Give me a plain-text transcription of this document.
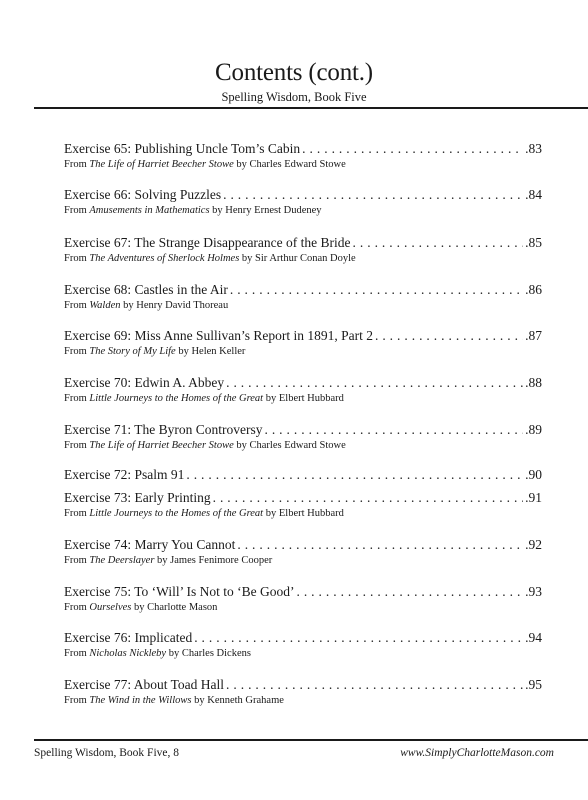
Contents (cont.)
Spelling Wisdom, Book Five
Exercise 65: Publishing Uncle Tom’s Cabin . . .	.83
From The Life of Harriet Beecher Stowe by Charles Edward Stowe
Exercise 66: Solving Puzzles . . .	.84
From Amusements in Mathematics by Henry Ernest Dudeney
Exercise 67: The Strange Disappearance of the Bride . . .	.85
From The Adventures of Sherlock Holmes by Sir Arthur Conan Doyle
Exercise 68: Castles in the Air . . .	.86
From Walden by Henry David Thoreau
Exercise 69: Miss Anne Sullivan’s Report in 1891, Part 2 . . .	.87
From The Story of My Life by Helen Keller
Exercise 70: Edwin A. Abbey . . .	.88
From Little Journeys to the Homes of the Great by Elbert Hubbard
Exercise 71: The Byron Controversy . . .	.89
From The Life of Harriet Beecher Stowe by Charles Edward Stowe
Exercise 72: Psalm 91 . . .	.90
Exercise 73: Early Printing . . .	.91
From Little Journeys to the Homes of the Great by Elbert Hubbard
Exercise 74: Marry You Cannot . . .	.92
From The Deerslayer by James Fenimore Cooper
Exercise 75: To ‘Will’ Is Not to ‘Be Good’ . . .	.93
From Ourselves by Charlotte Mason
Exercise 76: Implicated . . .	.94
From Nicholas Nickleby by Charles Dickens
Exercise 77: About Toad Hall . . .	.95
From The Wind in the Willows by Kenneth Grahame
Spelling Wisdom, Book Five, 8	www.SimplyCharlotteMason.com
